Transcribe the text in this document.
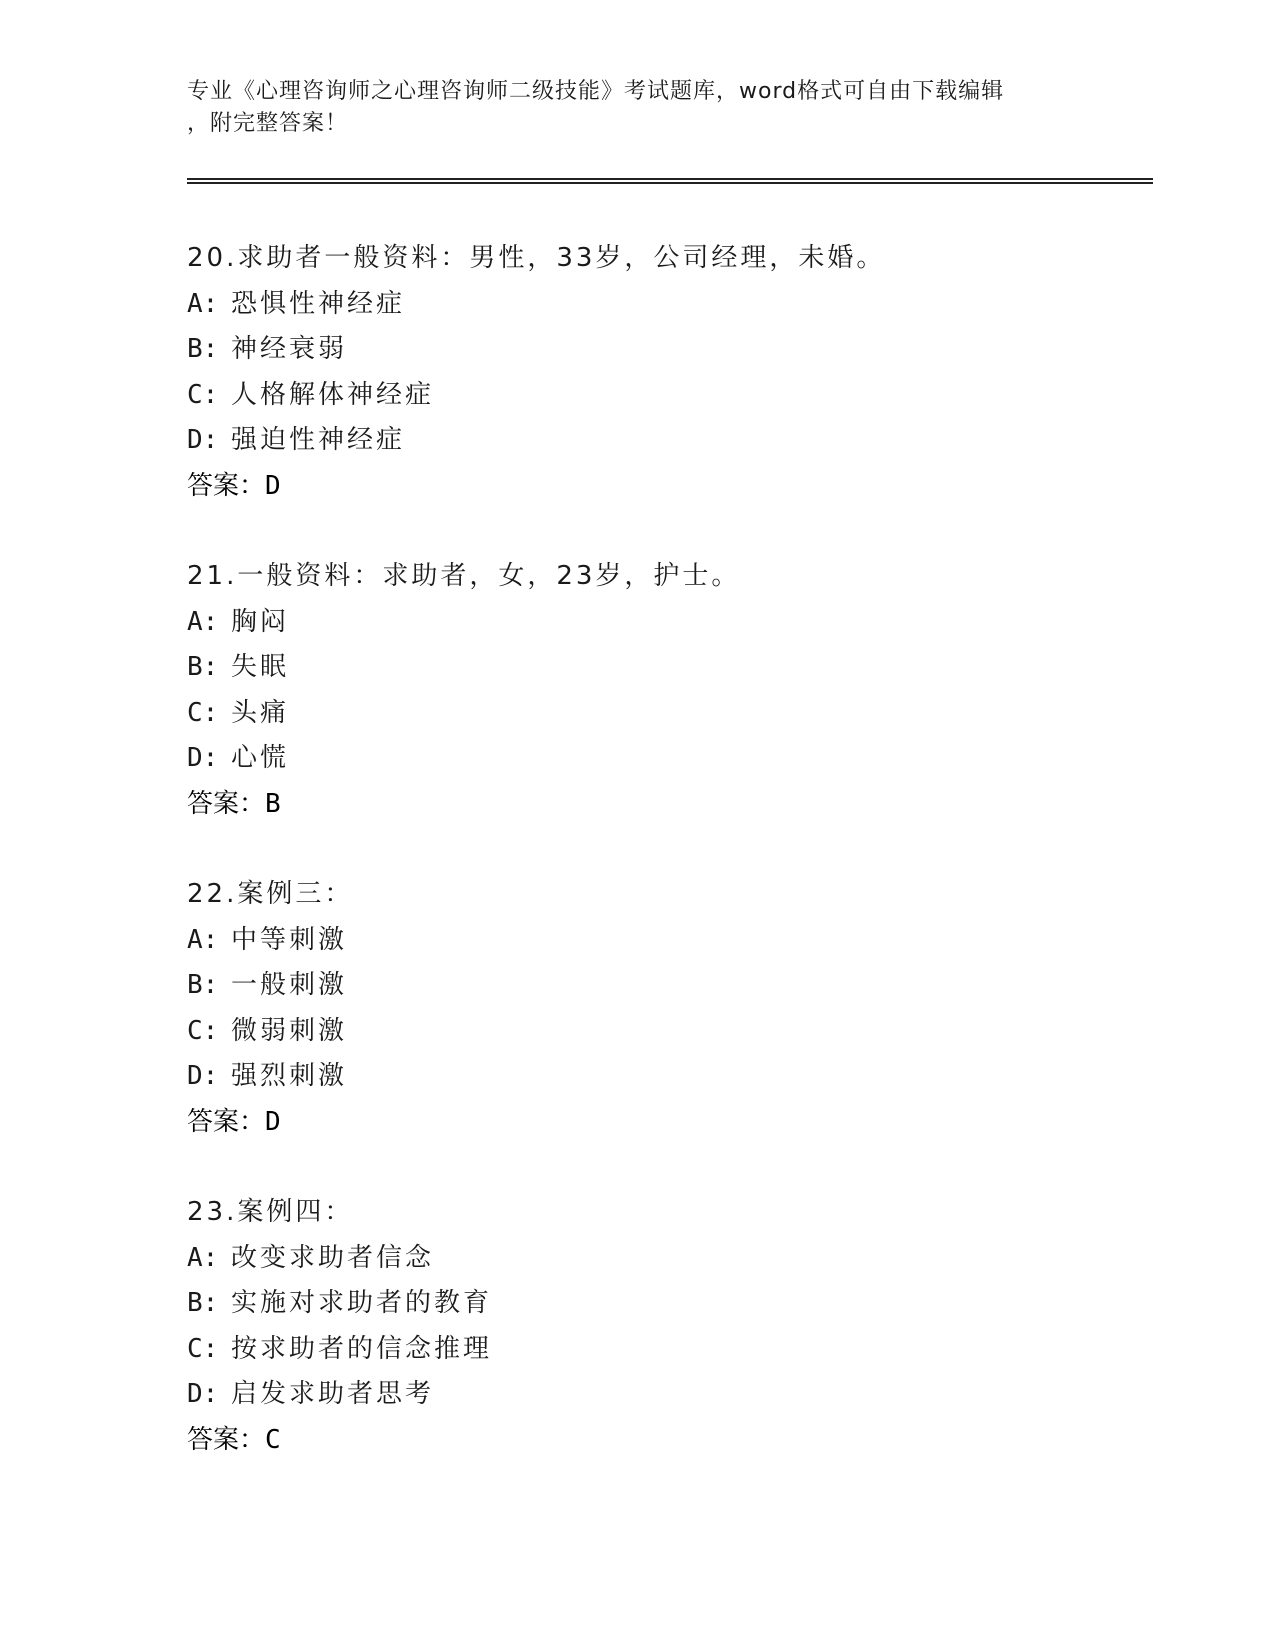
专业《心理咨询师之心理咨询师二级技能》考试题库，word格式可自由下载编辑
，附完整答案！
20.求助者一般资料：男性，33岁，公司经理，未婚。
A: 恐惧性神经症
B: 神经衰弱
C: 人格解体神经症
D: 强迫性神经症
答案：D
21.一般资料：求助者，女，23岁，护士。
A: 胸闷
B: 失眠
C: 头痛
D: 心慌
答案：B
22.案例三：
A: 中等刺激
B: 一般刺激
C: 微弱刺激
D: 强烈刺激
答案：D
23.案例四：
A: 改变求助者信念
B: 实施对求助者的教育
C: 按求助者的信念推理
D: 启发求助者思考
答案：C
